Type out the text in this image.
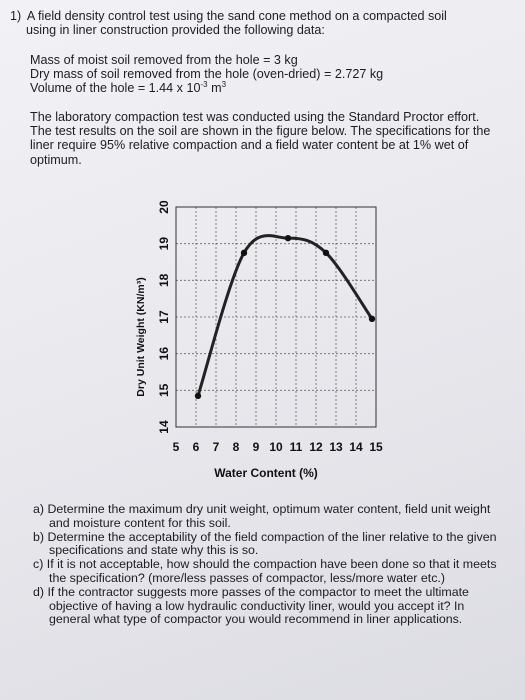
1) A field density control test using the sand cone method on a compacted soil
using in liner construction provided the following data:
Mass of moist soil removed from the hole = 3 kg
Dry mass of soil removed from the hole (oven-dried) = 2.727 kg
Volume of the hole = 1.44 x $10^{-3}$ $m^3$
The laboratory compaction test was conducted using the Standard Proctor effort. The test results on the soil are shown in the figure below. The specifications for the liner require 95% relative compaction and a field water content be at 1% wet of optimum.
5 6 7 8 9 10 11 12 13 14 15
14
15
16
17
18
19
20
Water Content (%)
Dry Unit Weight (KN/m³)
a) Determine the maximum dry unit weight, optimum water content, field unit weight and moisture content for this soil.
b) Determine the acceptability of the field compaction of the liner relative to the given specifications and state why this is so.
c) If it is not acceptable, how should the compaction have been done so that it meets the specification? (more/less passes of compactor, less/more water etc.)
d) If the contractor suggests more passes of the compactor to meet the ultimate objective of having a low hydraulic conductivity liner, would you accept it? In general what type of compactor you would recommend in liner applications.
